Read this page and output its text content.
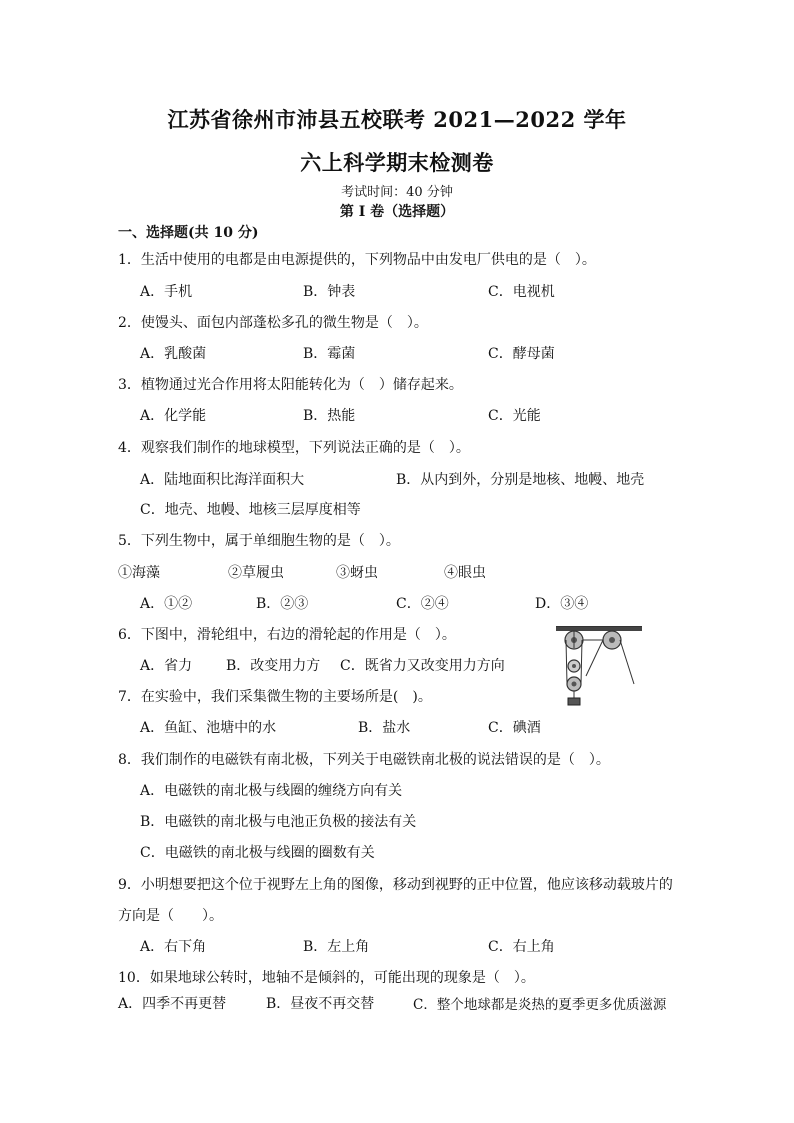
江苏省徐州市沛县五校联考 2021—2022 学年
六上科学期末检测卷
考试时间：40 分钟
第 I 卷（选择题）
一、选择题(共 10 分)
1．生活中使用的电都是由电源提供的，下列物品中由发电厂供电的是（　）。
A．手机	B．钟表	C．电视机
2．使馒头、面包内部蓬松多孔的微生物是（　）。
A．乳酸菌	B．霉菌	C．酵母菌
3．植物通过光合作用将太阳能转化为（　）储存起来。
A．化学能	B．热能	C．光能
4．观察我们制作的地球模型，下列说法正确的是（　）。
A．陆地面积比海洋面积大	B．从内到外，分别是地核、地幔、地壳
C．地壳、地幔、地核三层厚度相等
5．下列生物中，属于单细胞生物的是（　）。
①海藻	②草履虫	③蚜虫	④眼虫
A．①②	B．②③	C．②④	D．③④
6．下图中，滑轮组中，右边的滑轮起的作用是（　）。
A．省力 B．改变用力方 C．既省力又改变用力方向
7．在实验中，我们采集微生物的主要场所是(　)。
A．鱼缸、池塘中的水	B．盐水	C．碘酒
8．我们制作的电磁铁有南北极，下列关于电磁铁南北极的说法错误的是（　）。
A．电磁铁的南北极与线圈的缠绕方向有关
B．电磁铁的南北极与电池正负极的接法有关
C．电磁铁的南北极与线圈的圈数有关
9．小明想要把这个位于视野左上角的图像，移动到视野的正中位置，他应该移动载玻片的
方向是（　　）。
A．右下角	B．左上角	C．右上角
10．如果地球公转时，地轴不是倾斜的，可能出现的现象是（　）。
A．四季不再更替	B．昼夜不再交替	C．整个地球都是炎热的夏季更多优质滋源
